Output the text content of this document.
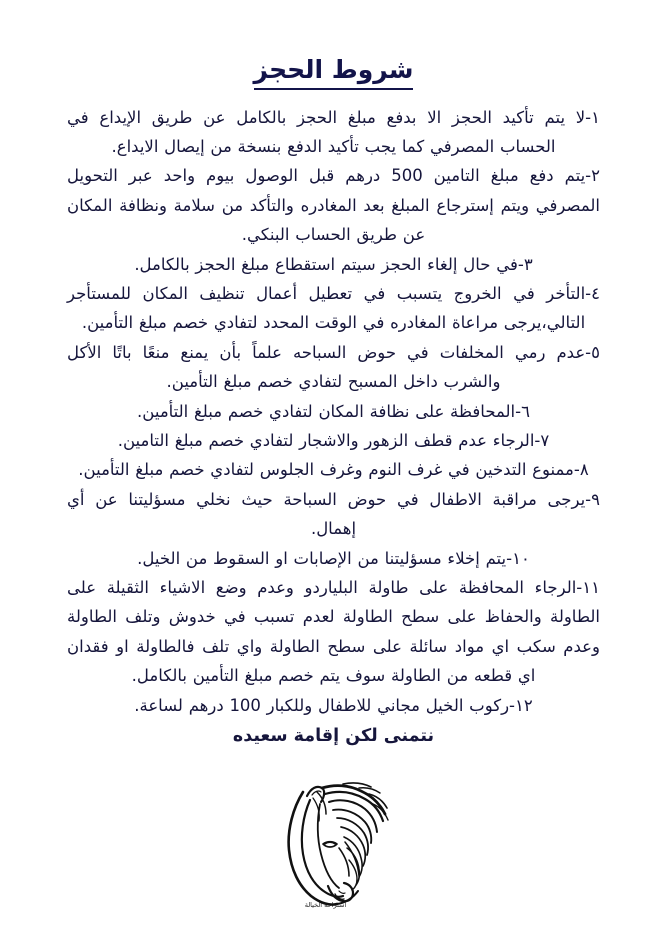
شروط الحجز
١-لا يتم تأكيد الحجز الا بدفع مبلغ الحجز بالكامل عن طريق الإيداع في الحساب المصرفي كما يجب تأكيد الدفع بنسخة من إيصال الايداع.
٢-يتم دفع مبلغ التامين 500 درهم قبل الوصول بيوم واحد عبر التحويل المصرفي ويتم إسترجاع المبلغ بعد المغادره والتأكد من سلامة ونظافة المكان عن طريق الحساب البنكي.
٣-في حال إلغاء الحجز سيتم استقطاع مبلغ الحجز بالكامل.
٤-التأخر في الخروج يتسبب في تعطيل أعمال تنظيف المكان للمستأجر التالي،يرجى مراعاة المغادره في الوقت المحدد لتفادي خصم مبلغ التأمين.
٥-عدم رمي المخلفات في حوض السباحه علماً بأن يمنع منعًا باتًا الأكل والشرب داخل المسبح لتفادي خصم مبلغ التأمين.
٦-المحافظة على نظافة المكان لتفادي خصم مبلغ التأمين.
٧-الرجاء عدم قطف الزهور والاشجار لتفادي خصم مبلغ التامين.
٨-ممنوع التدخين في غرف النوم وغرف الجلوس لتفادي خصم مبلغ التأمين.
٩-يرجى مراقبة الاطفال في حوض السباحة حيث نخلي مسؤليتنا عن أي إهمال.
١٠-يتم إخلاء مسؤليتنا من الإصابات او السقوط من الخيل.
١١-الرجاء المحافظة على طاولة البلياردو وعدم وضع الاشياء الثقيلة على الطاولة والحفاظ على سطح الطاولة لعدم تسبب في خدوش وتلف الطاولة وعدم سكب اي مواد سائلة على سطح الطاولة واي تلف فالطاولة او فقدان اي قطعه من الطاولة سوف يتم خصم مبلغ التأمين بالكامل.
١٢-ركوب الخيل مجاني للاطفال وللكبار 100 درهم لساعة.
نتمنى لكن إقامة سعيده
استراحة الخيالة
